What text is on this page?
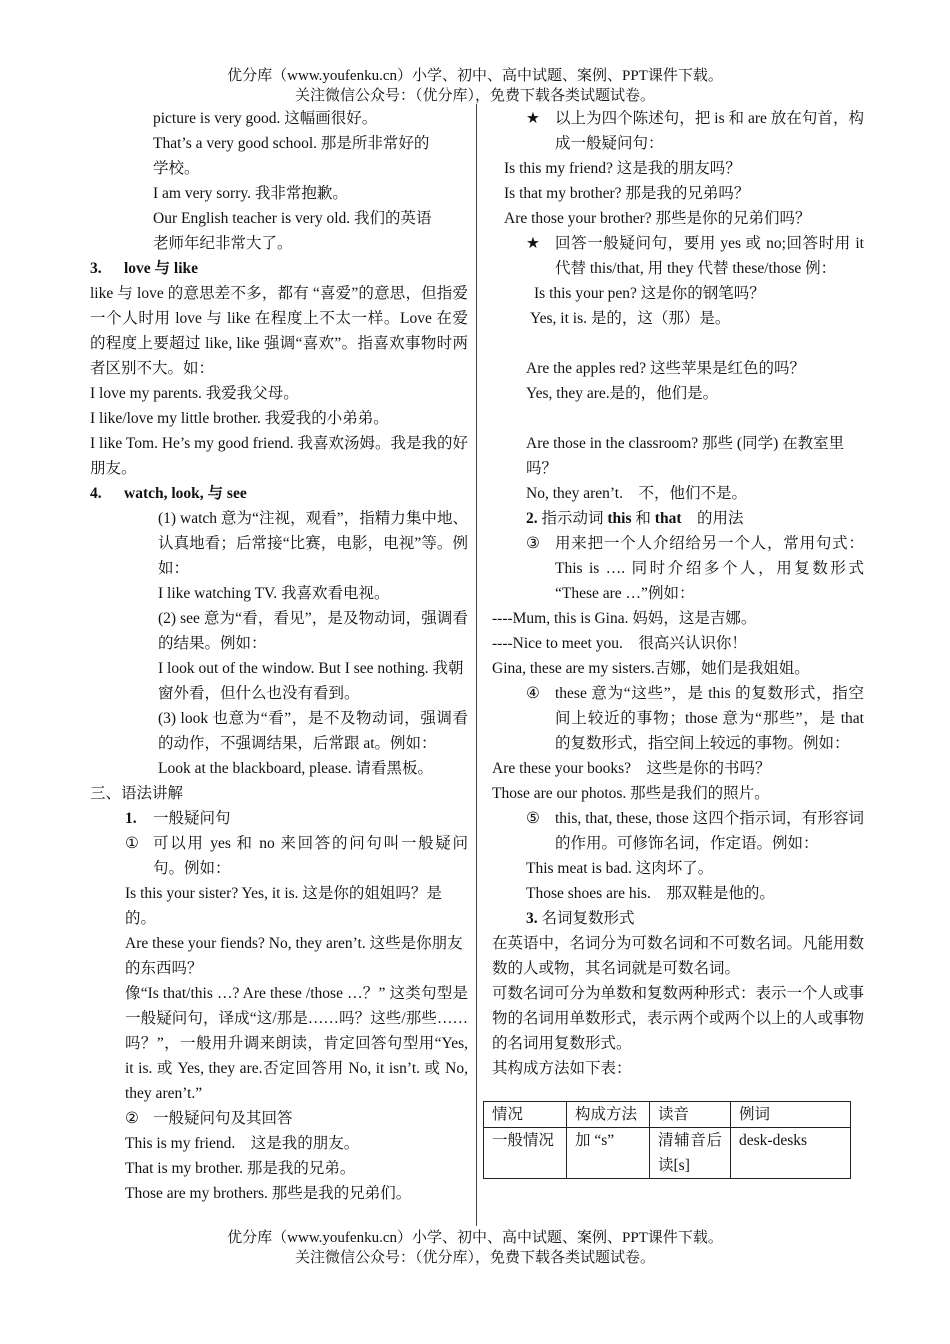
优分库（www.youfenku.cn）小学、初中、高中试题、案例、PPT课件下载。
关注微信公众号：（优分库），免费下载各类试题试卷。
picture is very good. 这幅画很好。
That’s a very good school. 那是所非常好的
学校。
I am very sorry. 我非常抱歉。
Our English teacher is very old. 我们的英语
老师年纪非常大了。
3. love 与 like
like 与 love 的意思差不多，都有 “喜爱”的意思，但指爱一个人时用 love 与 like 在程度上不太一样。Love 在爱的程度上要超过 like, like 强调“喜欢”。指喜欢事物时两者区别不大。如：
I love my parents. 我爱我父母。
I like/love my little brother. 我爱我的小弟弟。
I like Tom. He’s my good friend. 我喜欢汤姆。我是我的好朋友。
4. watch, look, 与 see
(1) watch 意为“注视，观看”，指精力集中地、认真地看；后常接“比赛，电影，电视”等。例如：
I like watching TV. 我喜欢看电视。
(2) see 意为“看，看见”，是及物动词，强调看的结果。例如：
I look out of the window. But I see nothing. 我朝窗外看，但什么也没有看到。
(3) look 也意为“看”，是不及物动词，强调看的动作，不强调结果，后常跟 at。例如：
Look at the blackboard, please. 请看黑板。
三、语法讲解
1. 一般疑问句
① 可以用 yes 和 no 来回答的问句叫一般疑问句。例如：
Is this your sister? Yes, it is. 这是你的姐姐吗？是的。
Are these your fiends? No, they aren’t. 这些是你朋友的东西吗？
像“Is that/this …? Are these /those …？” 这类句型是一般疑问句，译成“这/那是……吗？这些/那些……吗？”，一般用升调来朗读，肯定回答句型用“Yes, it is. 或 Yes, they are.否定回答用 No, it isn’t. 或 No, they aren’t.”
② 一般疑问句及其回答
This is my friend.    这是我的朋友。
That is my brother. 那是我的兄弟。
Those are my brothers. 那些是我的兄弟们。
★ 以上为四个陈述句，把 is 和 are 放在句首，构成一般疑问句：
Is this my friend? 这是我的朋友吗？
Is that my brother? 那是我的兄弟吗？
Are those your brother? 那些是你的兄弟们吗？
★ 回答一般疑问句，要用 yes 或 no;回答时用 it 代替 this/that, 用 they 代替 these/those 例：
Is this your pen? 这是你的钢笔吗？
Yes, it is. 是的，这（那）是。
Are the apples red? 这些苹果是红色的吗？
Yes, they are.是的，他们是。
Are those in the classroom? 那些 (同学) 在教室里吗？
No, they aren’t.    不，他们不是。
2. 指示动词 this 和 that    的用法
③ 用来把一个人介绍给另一个人，常用句式：This is …. 同时介绍多个人，用复数形式 “These are …”例如：
----Mum, this is Gina. 妈妈，这是吉娜。
----Nice to meet you.    很高兴认识你！
Gina, these are my sisters.吉娜，她们是我姐姐。
④ these 意为“这些”，是 this 的复数形式，指空间上较近的事物；those 意为“那些”，是 that 的复数形式，指空间上较远的事物。例如：
Are these your books?    这些是你的书吗？
Those are our photos. 那些是我们的照片。
⑤ this, that, these, those 这四个指示词，有形容词的作用。可修饰名词，作定语。例如：
This meat is bad. 这肉坏了。
Those shoes are his.    那双鞋是他的。
3. 名词复数形式
在英语中，名词分为可数名词和不可数名词。凡能用数数的人或物，其名词就是可数名词。
可数名词可分为单数和复数两种形式：表示一个人或事物的名词用单数形式，表示两个或两个以上的人或事物的名词用复数形式。
其构成方法如下表：
情况	构成方法	读音	例词
一般情况	加 “s”	清辅音后读[s]	desk-desks
优分库（www.youfenku.cn）小学、初中、高中试题、案例、PPT课件下载。
关注微信公众号：（优分库），免费下载各类试题试卷。
